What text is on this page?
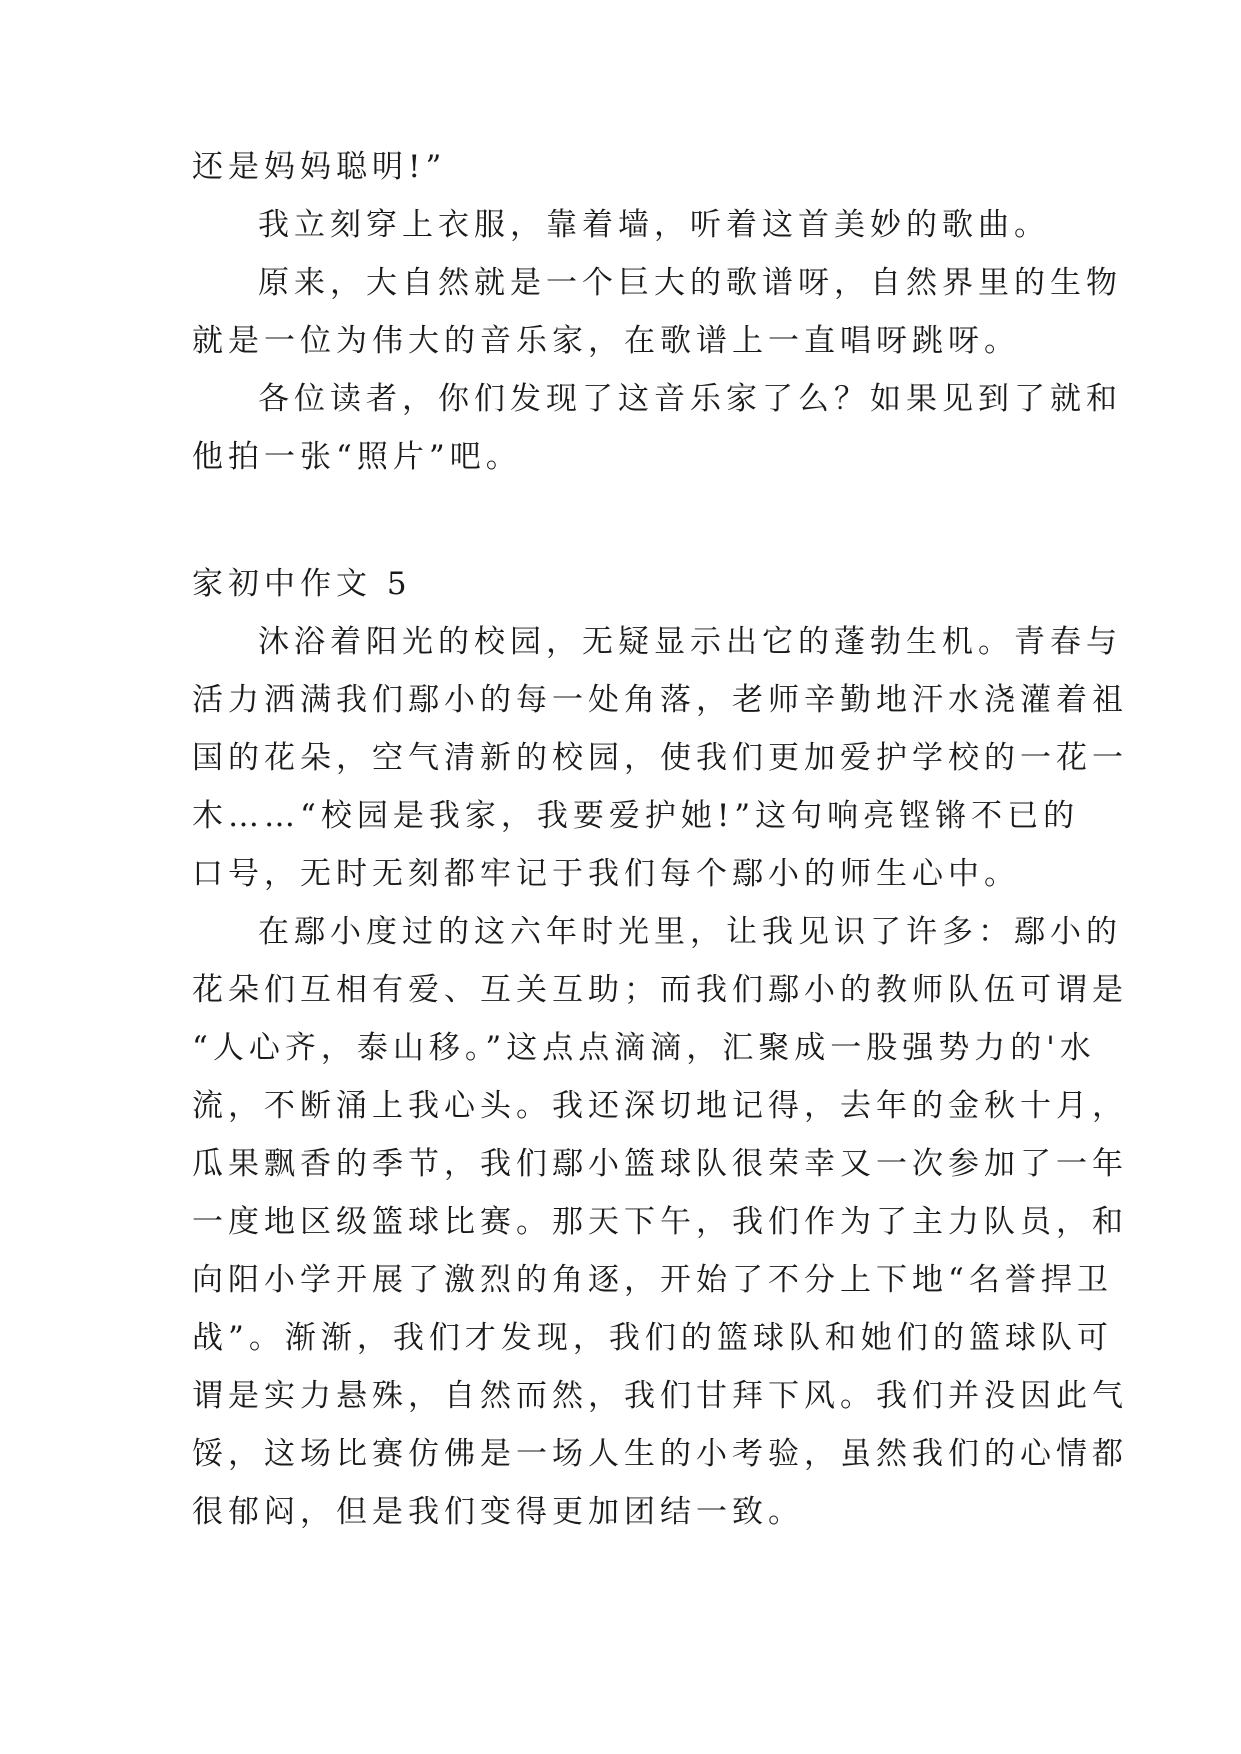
还是妈妈聪明!”
我立刻穿上衣服，靠着墙，听着这首美妙的歌曲。
原来，大自然就是一个巨大的歌谱呀，自然界里的生物
就是一位为伟大的音乐家，在歌谱上一直唱呀跳呀。
各位读者，你们发现了这音乐家了么？如果见到了就和
他拍一张“照片”吧。
家初中作文 5
沐浴着阳光的校园，无疑显示出它的蓬勃生机。青春与
活力洒满我们鄢小的每一处角落，老师辛勤地汗水浇灌着祖
国的花朵，空气清新的校园，使我们更加爱护学校的一花一
木……“校园是我家，我要爱护她!”这句响亮铿锵不已的
口号，无时无刻都牢记于我们每个鄢小的师生心中。
在鄢小度过的这六年时光里，让我见识了许多：鄢小的
花朵们互相有爱、互关互助；而我们鄢小的教师队伍可谓是
“人心齐，泰山移。”这点点滴滴，汇聚成一股强势力的'水
流，不断涌上我心头。我还深切地记得，去年的金秋十月，
瓜果飘香的季节，我们鄢小篮球队很荣幸又一次参加了一年
一度地区级篮球比赛。那天下午，我们作为了主力队员，和
向阳小学开展了激烈的角逐，开始了不分上下地“名誉捍卫
战”。渐渐，我们才发现，我们的篮球队和她们的篮球队可
谓是实力悬殊，自然而然，我们甘拜下风。我们并没因此气
馁，这场比赛仿佛是一场人生的小考验，虽然我们的心情都
很郁闷，但是我们变得更加团结一致。
